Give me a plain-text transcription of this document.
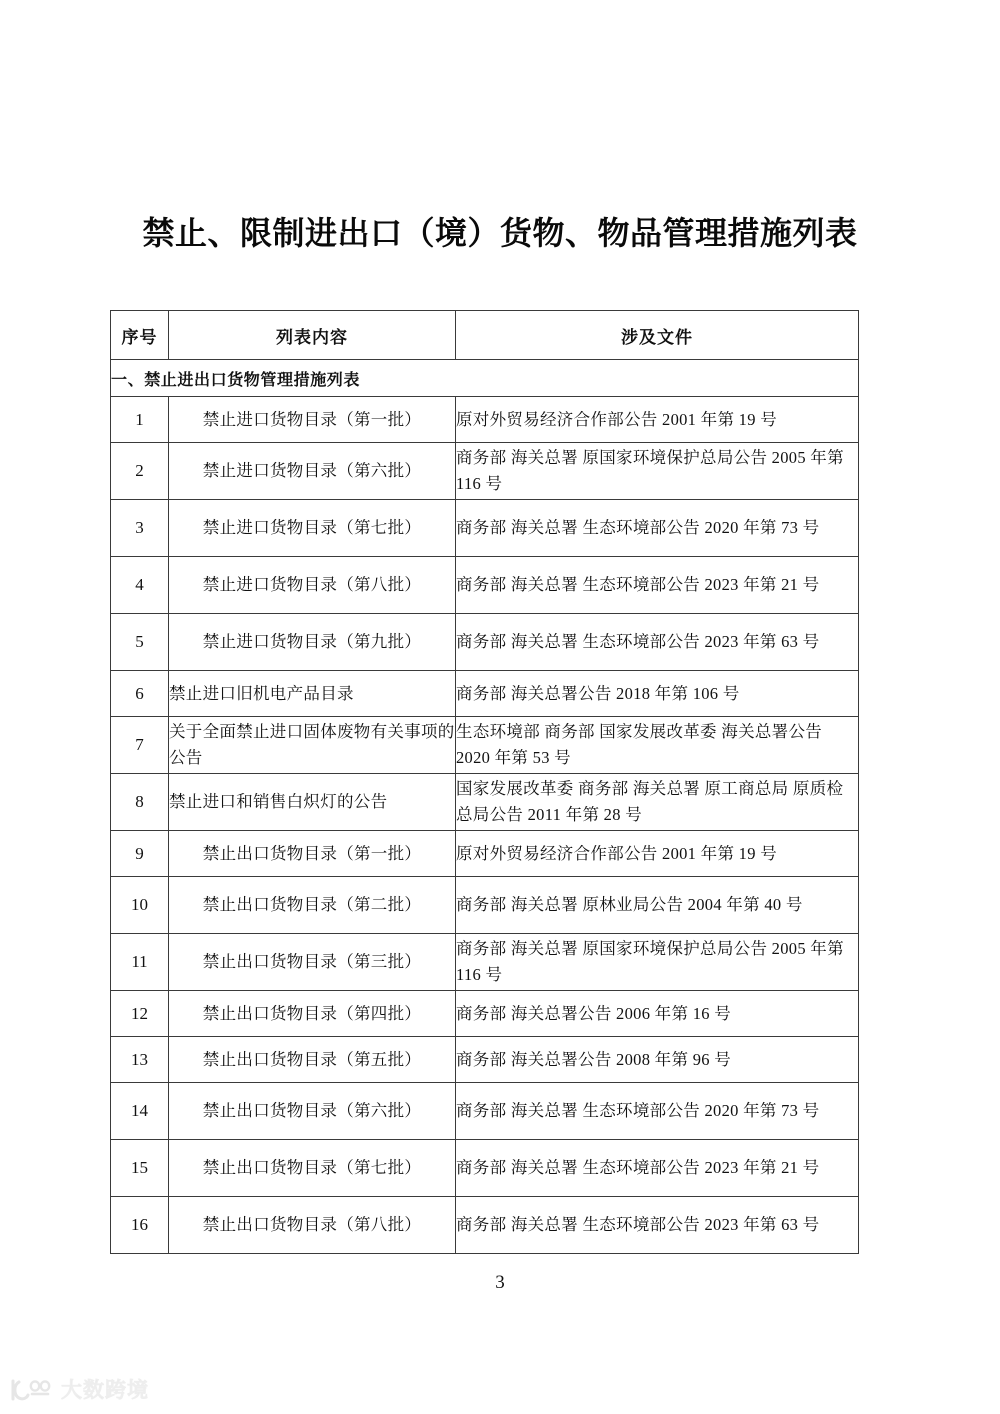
禁止、限制进出口（境）货物、物品管理措施列表
序号	列表内容	涉及文件
一、禁止进出口货物管理措施列表		
1	禁止进口货物目录（第一批）	原对外贸易经济合作部公告 2001 年第 19 号
2	禁止进口货物目录（第六批）	商务部 海关总署 原国家环境保护总局公告 2005 年第 116 号
3	禁止进口货物目录（第七批）	商务部 海关总署 生态环境部公告 2020 年第 73 号
4	禁止进口货物目录（第八批）	商务部 海关总署 生态环境部公告 2023 年第 21 号
5	禁止进口货物目录（第九批）	商务部 海关总署 生态环境部公告 2023 年第 63 号
6	禁止进口旧机电产品目录	商务部 海关总署公告 2018 年第 106 号
7	关于全面禁止进口固体废物有关事项的公告	生态环境部 商务部 国家发展改革委 海关总署公告 2020 年第 53 号
8	禁止进口和销售白炽灯的公告	国家发展改革委 商务部 海关总署 原工商总局 原质检总局公告 2011 年第 28 号
9	禁止出口货物目录（第一批）	原对外贸易经济合作部公告 2001 年第 19 号
10	禁止出口货物目录（第二批）	商务部 海关总署 原林业局公告 2004 年第 40 号
11	禁止出口货物目录（第三批）	商务部 海关总署 原国家环境保护总局公告 2005 年第 116 号
12	禁止出口货物目录（第四批）	商务部 海关总署公告 2006 年第 16 号
13	禁止出口货物目录（第五批）	商务部 海关总署公告 2008 年第 96 号
14	禁止出口货物目录（第六批）	商务部 海关总署 生态环境部公告 2020 年第 73 号
15	禁止出口货物目录（第七批）	商务部 海关总署 生态环境部公告 2023 年第 21 号
16	禁止出口货物目录（第八批）	商务部 海关总署 生态环境部公告 2023 年第 63 号
3
大数跨境
